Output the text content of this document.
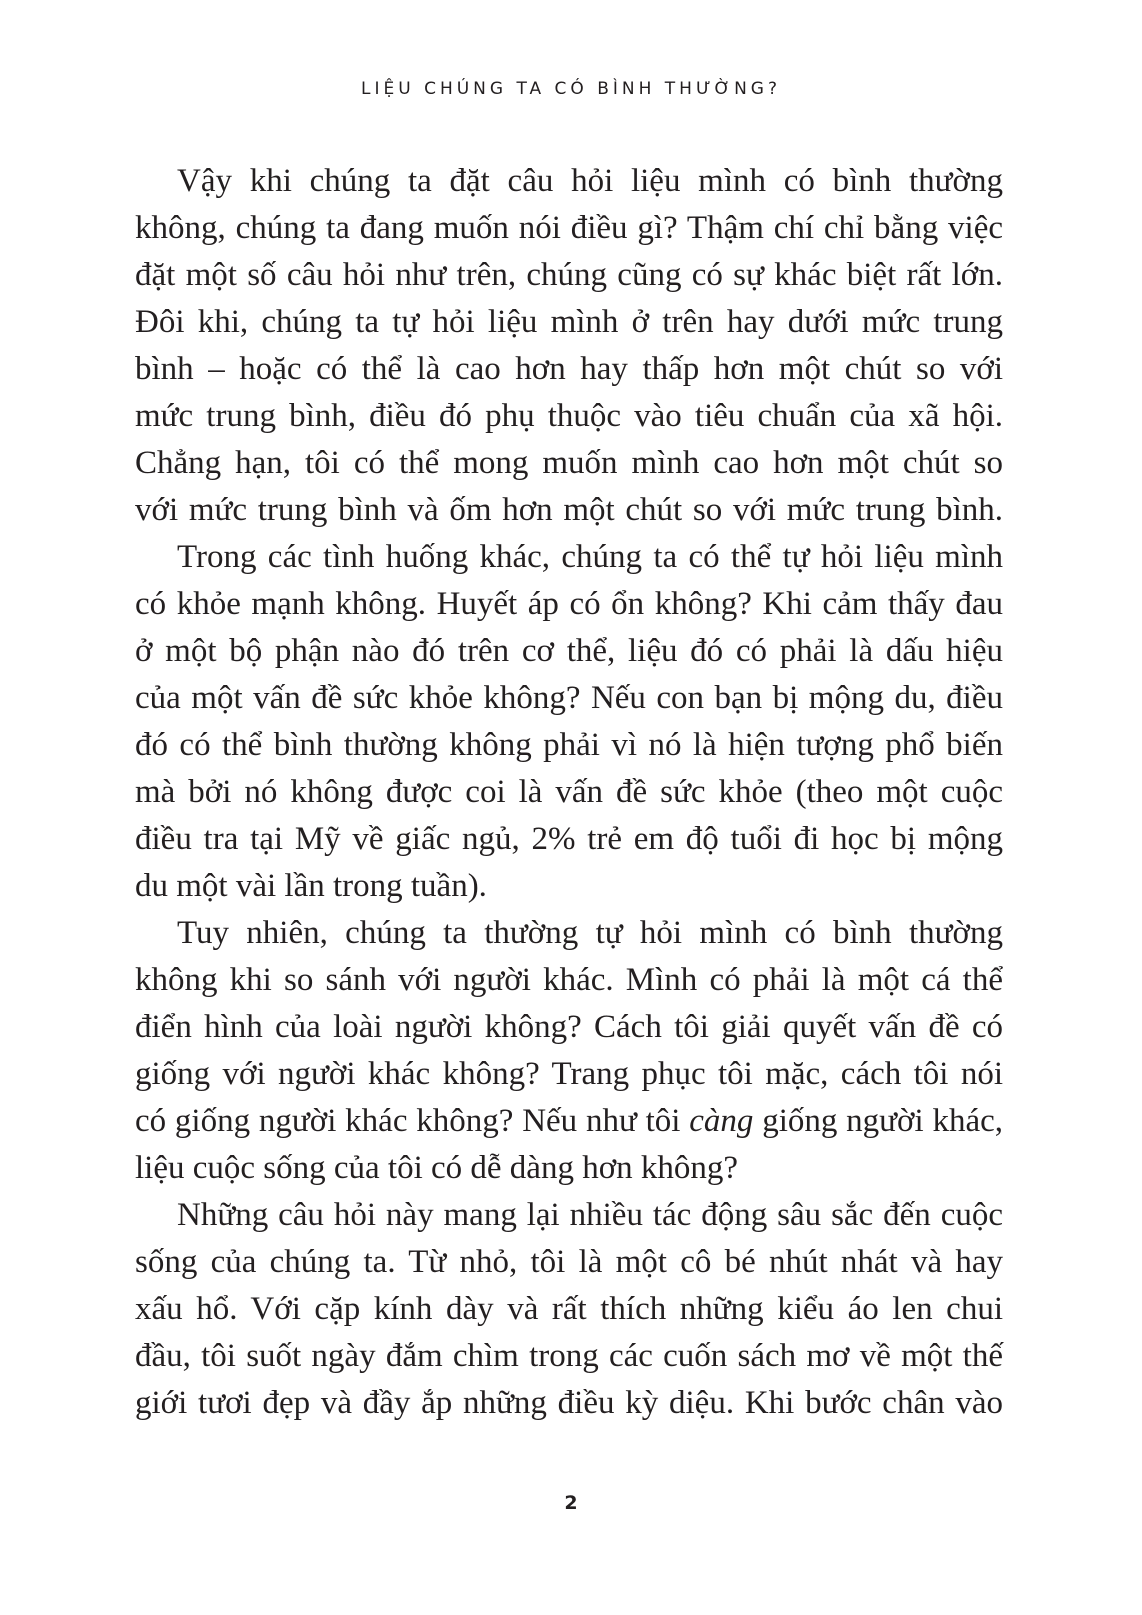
LIỆU CHÚNG TA CÓ BÌNH THƯỜNG?
Vậy khi chúng ta đặt câu hỏi liệu mình có bình thường
không, chúng ta đang muốn nói điều gì? Thậm chí chỉ bằng việc
đặt một số câu hỏi như trên, chúng cũng có sự khác biệt rất lớn.
Đôi khi, chúng ta tự hỏi liệu mình ở trên hay dưới mức trung
bình – hoặc có thể là cao hơn hay thấp hơn một chút so với
mức trung bình, điều đó phụ thuộc vào tiêu chuẩn của xã hội.
Chẳng hạn, tôi có thể mong muốn mình cao hơn một chút so
với mức trung bình và ốm hơn một chút so với mức trung bình.
Trong các tình huống khác, chúng ta có thể tự hỏi liệu mình
có khỏe mạnh không. Huyết áp có ổn không? Khi cảm thấy đau
ở một bộ phận nào đó trên cơ thể, liệu đó có phải là dấu hiệu
của một vấn đề sức khỏe không? Nếu con bạn bị mộng du, điều
đó có thể bình thường không phải vì nó là hiện tượng phổ biến
mà bởi nó không được coi là vấn đề sức khỏe (theo một cuộc
điều tra tại Mỹ về giấc ngủ, 2% trẻ em độ tuổi đi học bị mộng
du một vài lần trong tuần).
Tuy nhiên, chúng ta thường tự hỏi mình có bình thường
không khi so sánh với người khác. Mình có phải là một cá thể
điển hình của loài người không? Cách tôi giải quyết vấn đề có
giống với người khác không? Trang phục tôi mặc, cách tôi nói
có giống người khác không? Nếu như tôi càng giống người khác,
liệu cuộc sống của tôi có dễ dàng hơn không?
Những câu hỏi này mang lại nhiều tác động sâu sắc đến cuộc
sống của chúng ta. Từ nhỏ, tôi là một cô bé nhút nhát và hay
xấu hổ. Với cặp kính dày và rất thích những kiểu áo len chui
đầu, tôi suốt ngày đắm chìm trong các cuốn sách mơ về một thế
giới tươi đẹp và đầy ắp những điều kỳ diệu. Khi bước chân vào
2
